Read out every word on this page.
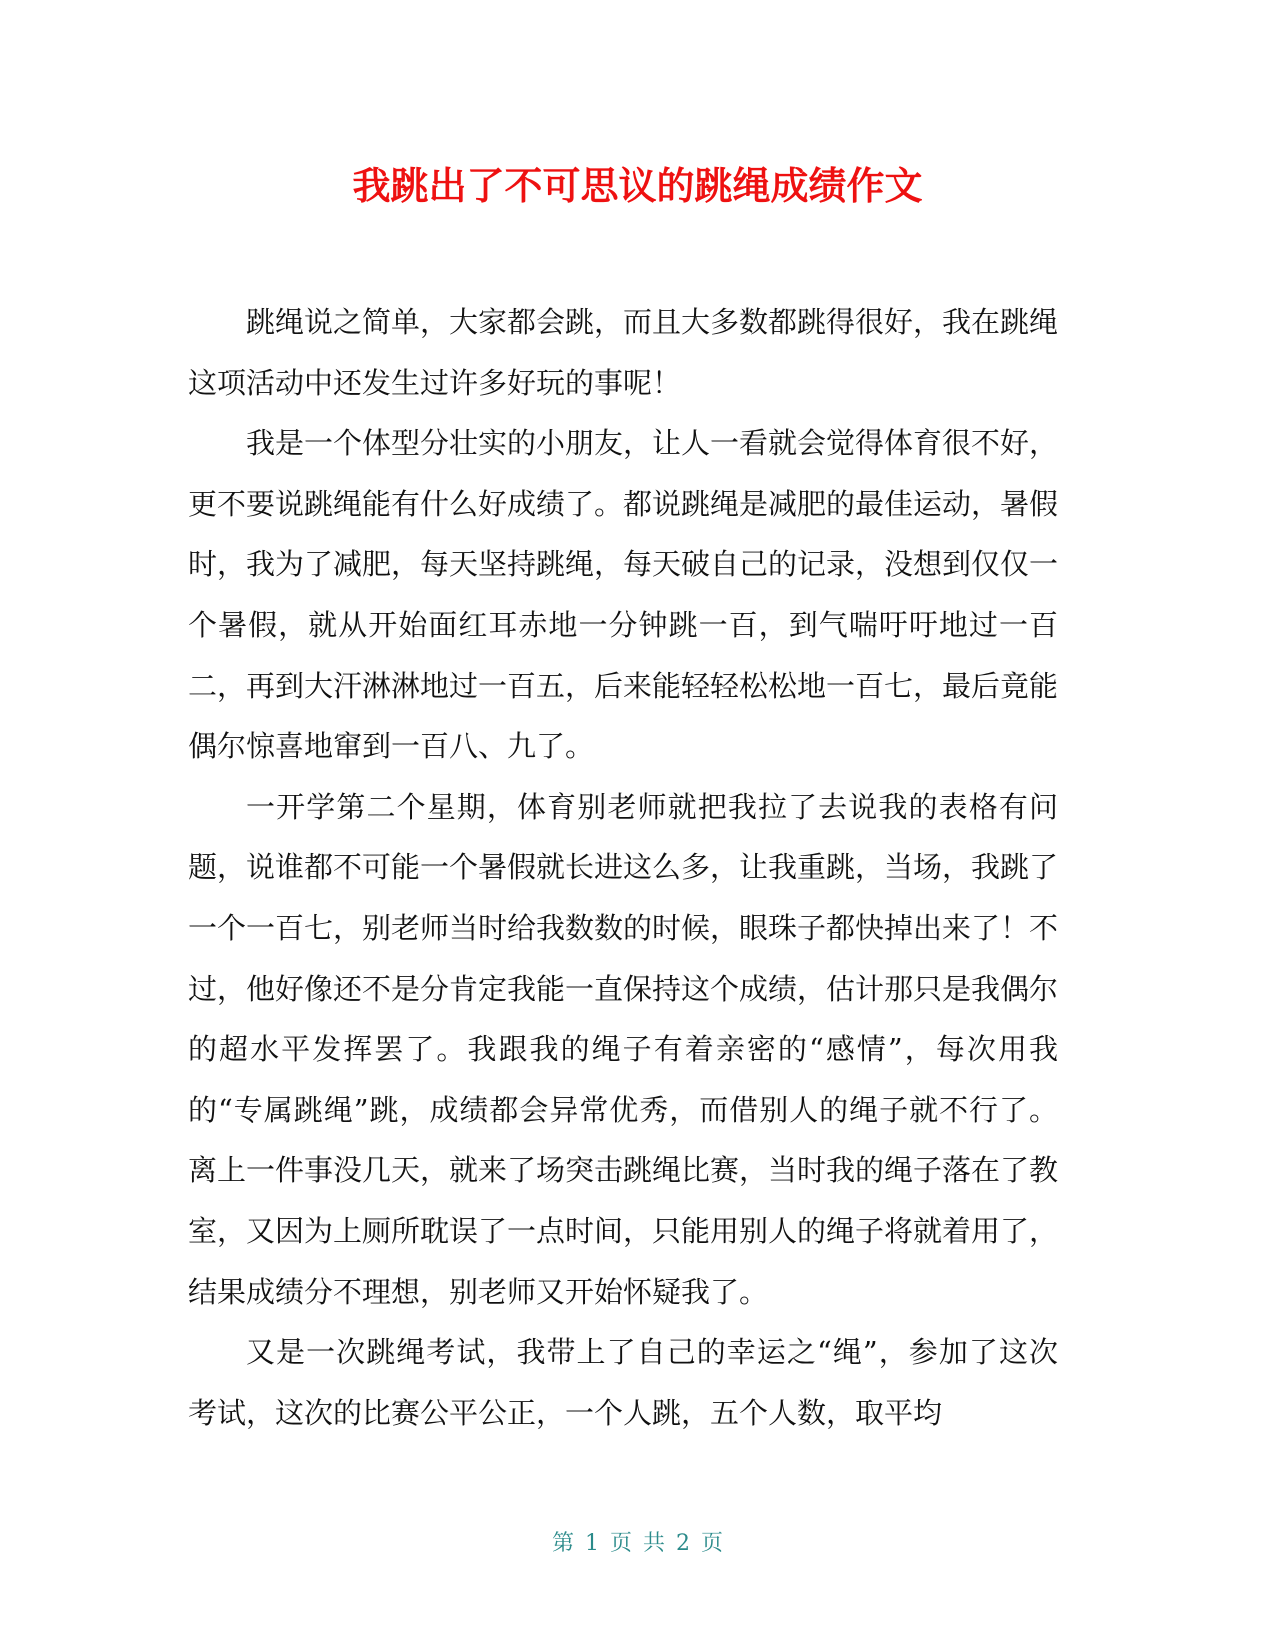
我跳出了不可思议的跳绳成绩作文

跳绳说之简单，大家都会跳，而且大多数都跳得很好，我在跳绳这项活动中还发生过许多好玩的事呢！

我是一个体型分壮实的小朋友，让人一看就会觉得体育很不好，更不要说跳绳能有什么好成绩了。都说跳绳是减肥的最佳运动，暑假时，我为了减肥，每天坚持跳绳，每天破自己的记录，没想到仅仅一个暑假，就从开始面红耳赤地一分钟跳一百，到气喘吁吁地过一百二，再到大汗淋淋地过一百五，后来能轻轻松松地一百七，最后竟能偶尔惊喜地窜到一百八、九了。

一开学第二个星期，体育别老师就把我拉了去说我的表格有问题，说谁都不可能一个暑假就长进这么多，让我重跳，当场，我跳了一个一百七，别老师当时给我数数的时候，眼珠子都快掉出来了！不过，他好像还不是分肯定我能一直保持这个成绩，估计那只是我偶尔的超水平发挥罢了。我跟我的绳子有着亲密的“感情”，每次用我的“专属跳绳”跳，成绩都会异常优秀，而借别人的绳子就不行了。离上一件事没几天，就来了场突击跳绳比赛，当时我的绳子落在了教室，又因为上厕所耽误了一点时间，只能用别人的绳子将就着用了，结果成绩分不理想，别老师又开始怀疑我了。

又是一次跳绳考试，我带上了自己的幸运之“绳”，参加了这次考试，这次的比赛公平公正，一个人跳，五个人数，取平均

第 1 页 共 2 页
